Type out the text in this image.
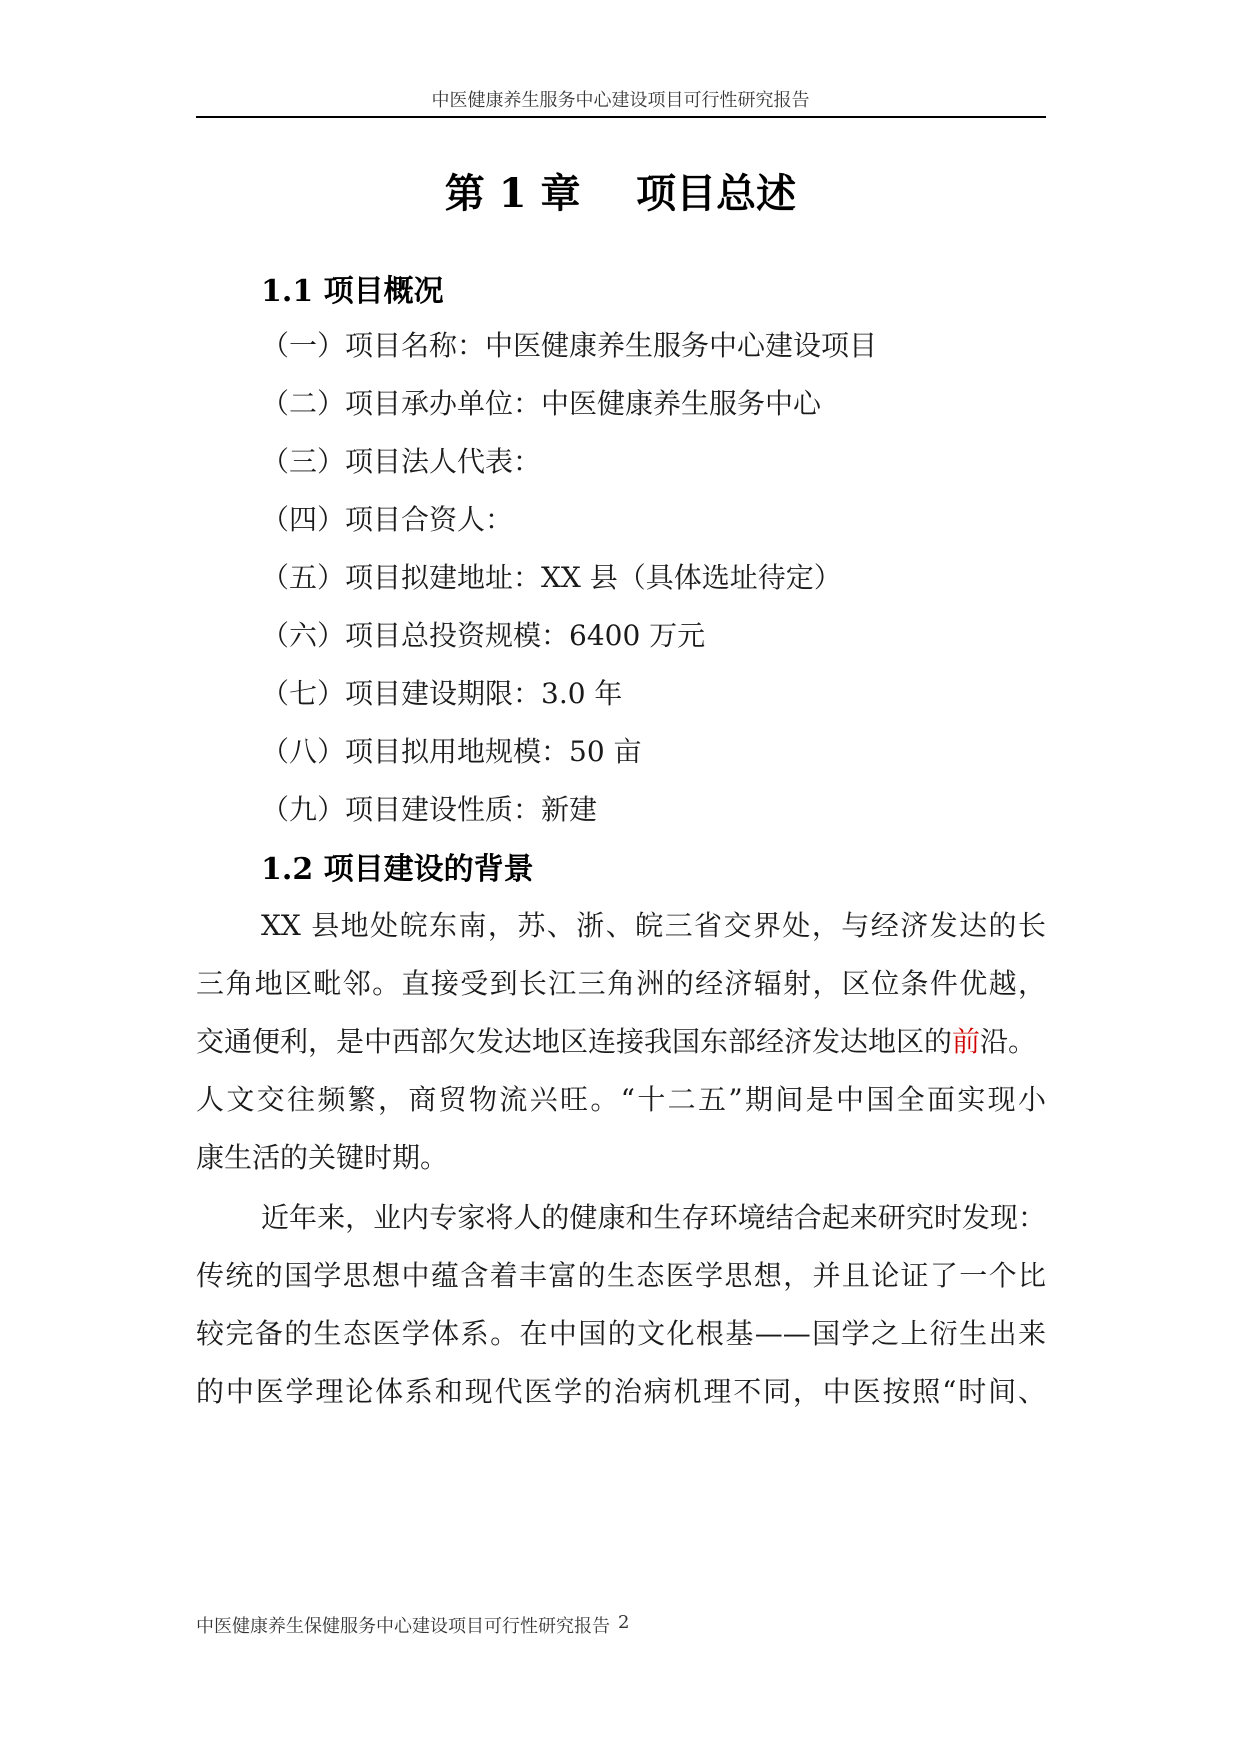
中医健康养生服务中心建设项目可行性研究报告
第 1 章    项目总述
1.1 项目概况
（一）项目名称：中医健康养生服务中心建设项目
（二）项目承办单位：中医健康养生服务中心
（三）项目法人代表：
（四）项目合资人：
（五）项目拟建地址：XX 县（具体选址待定）
（六）项目总投资规模：6400 万元
（七）项目建设期限：3.0 年
（八）项目拟用地规模：50 亩
（九）项目建设性质：新建
1.2 项目建设的背景
XX 县地处皖东南，苏、浙、皖三省交界处，与经济发达的长
三角地区毗邻。直接受到长江三角洲的经济辐射，区位条件优越，
交通便利，是中西部欠发达地区连接我国东部经济发达地区的前沿。
人文交往频繁，商贸物流兴旺。“十二五”期间是中国全面实现小
康生活的关键时期。
近年来，业内专家将人的健康和生存环境结合起来研究时发现：
传统的国学思想中蕴含着丰富的生态医学思想，并且论证了一个比
较完备的生态医学体系。在中国的文化根基——国学之上衍生出来
的中医学理论体系和现代医学的治病机理不同，中医按照“时间、
中医健康养生保健服务中心建设项目可行性研究报告 2
